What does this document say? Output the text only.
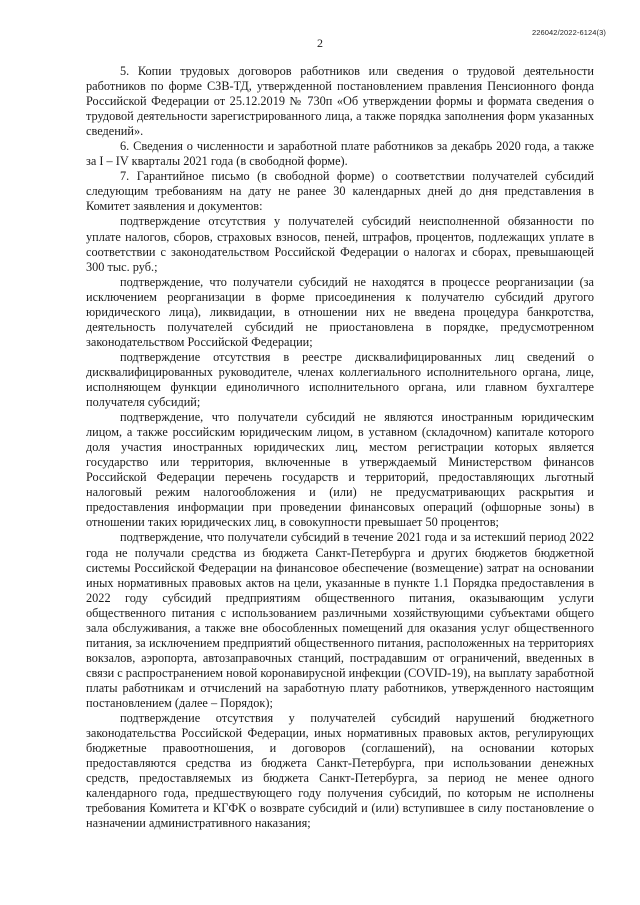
226042/2022-6124(3)
2

5. Копии трудовых договоров работников или сведения о трудовой деятельности работников по форме СЗВ-ТД, утвержденной постановлением правления Пенсионного фонда Российской Федерации от 25.12.2019 № 730п «Об утверждении формы и формата сведения о трудовой деятельности зарегистрированного лица, а также порядка заполнения форм указанных сведений».

6. Сведения о численности и заработной плате работников за декабрь 2020 года, а также за I – IV кварталы 2021 года (в свободной форме).

7. Гарантийное письмо (в свободной форме) о соответствии получателей субсидий следующим требованиям на дату не ранее 30 календарных дней до дня представления в Комитет заявления и документов:

подтверждение отсутствия у получателей субсидий неисполненной обязанности по уплате налогов, сборов, страховых взносов, пеней, штрафов, процентов, подлежащих уплате в соответствии с законодательством Российской Федерации о налогах и сборах, превышающей 300 тыс. руб.;

подтверждение, что получатели субсидий не находятся в процессе реорганизации (за исключением реорганизации в форме присоединения к получателю субсидий другого юридического лица), ликвидации, в отношении них не введена процедура банкротства, деятельность получателей субсидий не приостановлена в порядке, предусмотренном законодательством Российской Федерации;

подтверждение отсутствия в реестре дисквалифицированных лиц сведений о дисквалифицированных руководителе, членах коллегиального исполнительного органа, лице, исполняющем функции единоличного исполнительного органа, или главном бухгалтере получателя субсидий;

подтверждение, что получатели субсидий не являются иностранным юридическим лицом, а также российским юридическим лицом, в уставном (складочном) капитале которого доля участия иностранных юридических лиц, местом регистрации которых является государство или территория, включенные в утверждаемый Министерством финансов Российской Федерации перечень государств и территорий, предоставляющих льготный налоговый режим налогообложения и (или) не предусматривающих раскрытия и предоставления информации при проведении финансовых операций (офшорные зоны) в отношении таких юридических лиц, в совокупности превышает 50 процентов;

подтверждение, что получатели субсидий в течение 2021 года и за истекший период 2022 года не получали средства из бюджета Санкт-Петербурга и других бюджетов бюджетной системы Российской Федерации на финансовое обеспечение (возмещение) затрат на основании иных нормативных правовых актов на цели, указанные в пункте 1.1 Порядка предоставления в 2022 году субсидий предприятиям общественного питания, оказывающим услуги общественного питания с использованием различными хозяйствующими субъектами общего зала обслуживания, а также вне обособленных помещений для оказания услуг общественного питания, за исключением предприятий общественного питания, расположенных на территориях вокзалов, аэропорта, автозаправочных станций, пострадавшим от ограничений, введенных в связи с распространением новой коронавирусной инфекции (COVID-19), на выплату заработной платы работникам и отчислений на заработную плату работников, утвержденного настоящим постановлением (далее – Порядок);

подтверждение отсутствия у получателей субсидий нарушений бюджетного законодательства Российской Федерации, иных нормативных правовых актов, регулирующих бюджетные правоотношения, и договоров (соглашений), на основании которых предоставляются средства из бюджета Санкт-Петербурга, при использовании денежных средств, предоставляемых из бюджета Санкт-Петербурга, за период не менее одного календарного года, предшествующего году получения субсидий, по которым не исполнены требования Комитета и КГФК о возврате субсидий и (или) вступившее в силу постановление о назначении административного наказания;
